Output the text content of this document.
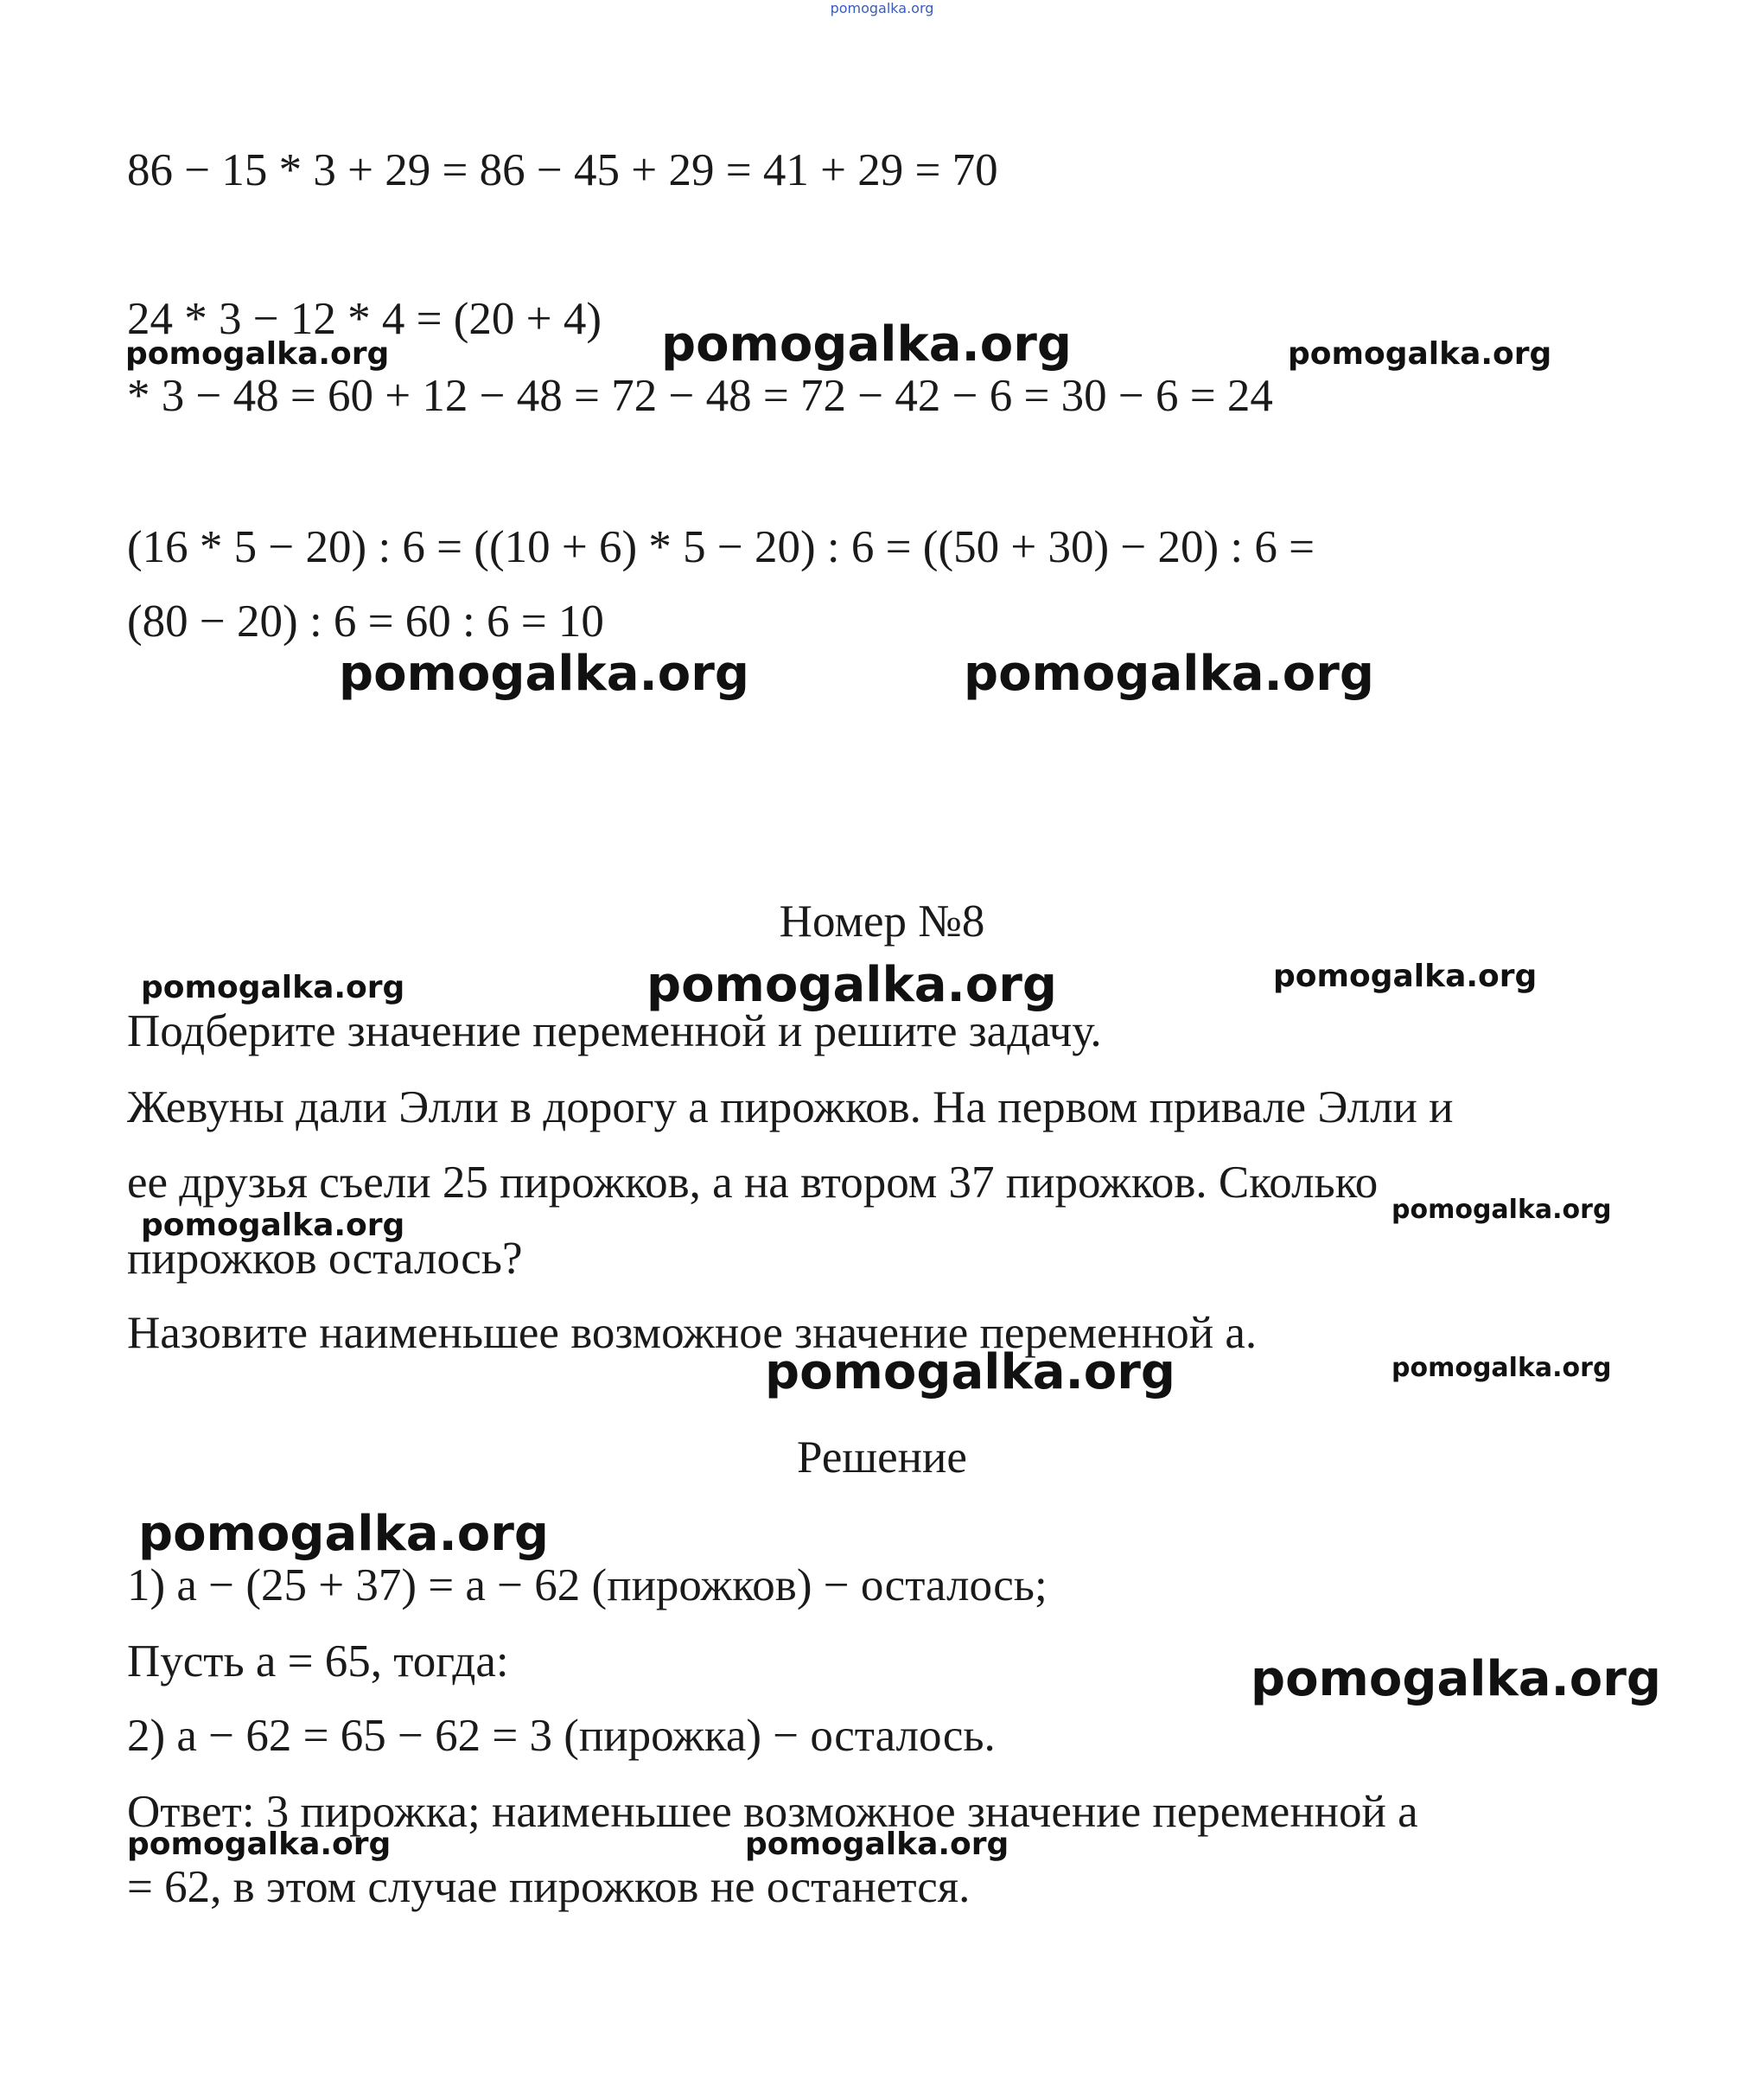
pomogalka.org

86 − 15 * 3 + 29 = 86 − 45 + 29 = 41 + 29 = 70

24 * 3 − 12 * 4 = (20 + 4)

* 3 − 48 = 60 + 12 − 48 = 72 − 48 = 72 − 42 − 6 = 30 − 6 = 24

(16 * 5 − 20) : 6 = ((10 + 6) * 5 − 20) : 6 = ((50 + 30) − 20) : 6 =

(80 − 20) : 6 = 60 : 6 = 10

Номер №8

Подберите значение переменной и решите задачу.

Жевуны дали Элли в дорогу а пирожков. На первом привале Элли и

ее друзья съели 25 пирожков, а на втором 37 пирожков. Сколько

пирожков осталось?

Назовите наименьшее возможное значение переменной а.

Решение

1) а − (25 + 37) = а − 62 (пирожков) − осталось;

Пусть а = 65, тогда:

2) а − 62 = 65 − 62 = 3 (пирожка) − осталось.

Ответ: 3 пирожка; наименьшее возможное значение переменной а

= 62, в этом случае пирожков не останется.

pomogalka.org	pomogalka.org	pomogalka.org
pomogalka.org	pomogalka.org
pomogalka.org	pomogalka.org	pomogalka.org
pomogalka.org	pomogalka.org
pomogalka.org	pomogalka.org
pomogalka.org
pomogalka.org
pomogalka.org	pomogalka.org
